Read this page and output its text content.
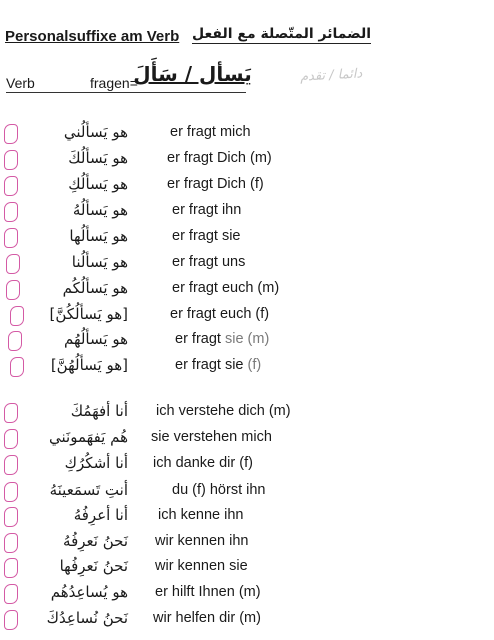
Personalsuffixe am Verb الضمائر المتّصلة مع الفعل
Verb	fragen=
يَسأل / سَأَلَ	دائما / تقدم
هو يَسألُني	er fragt mich
هو يَسألُكَ	er fragt Dich (m)
هو يَسألُكِ	er fragt Dich (f)
هو يَسألُهُ	er fragt ihn
هو يَسألُها	er fragt sie
هو يَسألُنا	er fragt uns
هو يَسألُكُم	er fragt euch (m)
[هو يَسألُكُنَّ]	er fragt euch (f)
هو يَسألُهُم	er fragt sie (m)
[هو يَسألُهُنَّ]	er fragt sie (f)
أنا أفهَمُكَ ich verstehe dich (m)
هُم يَفهَمونَني sie verstehen mich
أنا أشكُرُكِ ich danke dir (f)
أنتِ تَسمَعينَهُ	du (f) hörst ihn
أنا أعرِفُهُ ich kenne ihn
نَحنُ نَعرِفُهُ wir kennen ihn
نَحنُ نَعرِفُها wir kennen sie
هو يُساعِدُهُم er hilft Ihnen (m)
نَحنُ نُساعِدُكَ wir helfen dir (m)
